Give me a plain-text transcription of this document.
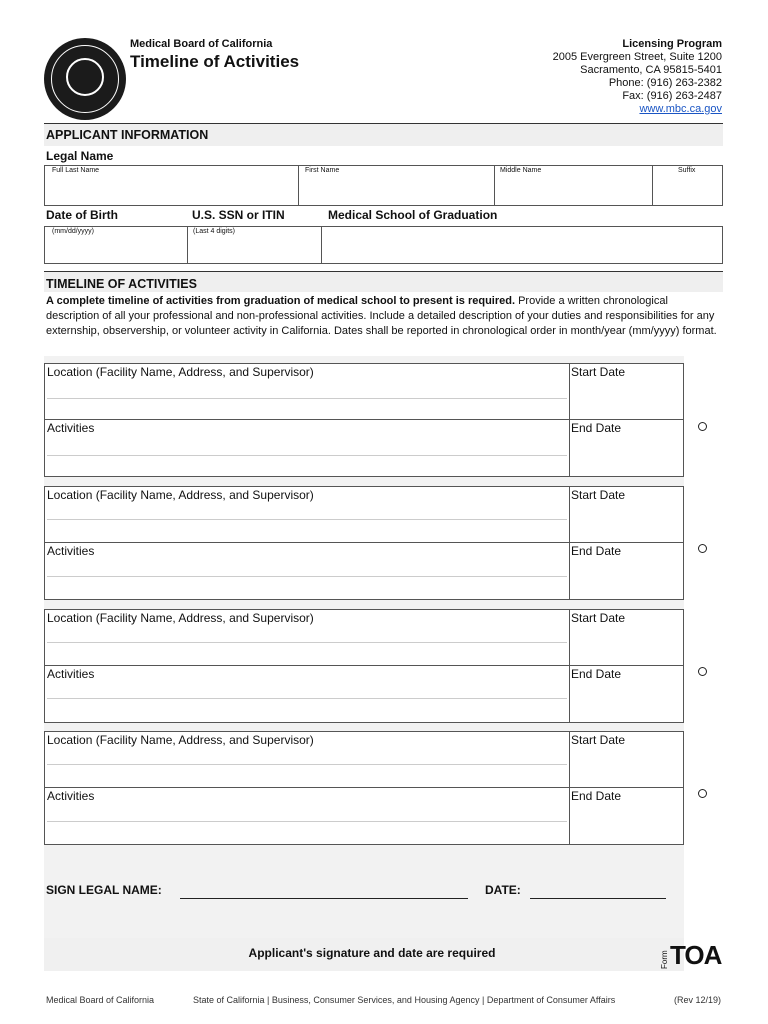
Medical Board of California
Timeline of Activities
Licensing Program
2005 Evergreen Street, Suite 1200
Sacramento, CA 95815-5401
Phone: (916) 263-2382
Fax: (916) 263-2487
www.mbc.ca.gov
APPLICANT INFORMATION
Legal Name
Full Last Name	First Name	Middle Name	Suffix
Date of Birth	U.S. SSN or ITIN	Medical School of Graduation
(mm/dd/yyyy)	(Last 4 digits)
TIMELINE OF ACTIVITIES
A complete timeline of activities from graduation of medical school to present is required. Provide a written chronological description of all your professional and non-professional activities. Include a detailed description of your duties and responsibilities for any externship, observership, or volunteer activity in California. Dates shall be reported in chronological order in month/year (mm/yyyy) format.
Location (Facility Name, Address, and Supervisor)	Start Date
Activities	End Date
Location (Facility Name, Address, and Supervisor)	Start Date
Activities	End Date
Location (Facility Name, Address, and Supervisor)	Start Date
Activities	End Date
Location (Facility Name, Address, and Supervisor)	Start Date
Activities	End Date
SIGN LEGAL NAME:	DATE:
Applicant's signature and date are required	Form TOA
Medical Board of California	State of California | Business, Consumer Services, and Housing Agency | Department of Consumer Affairs	(Rev 12/19)
